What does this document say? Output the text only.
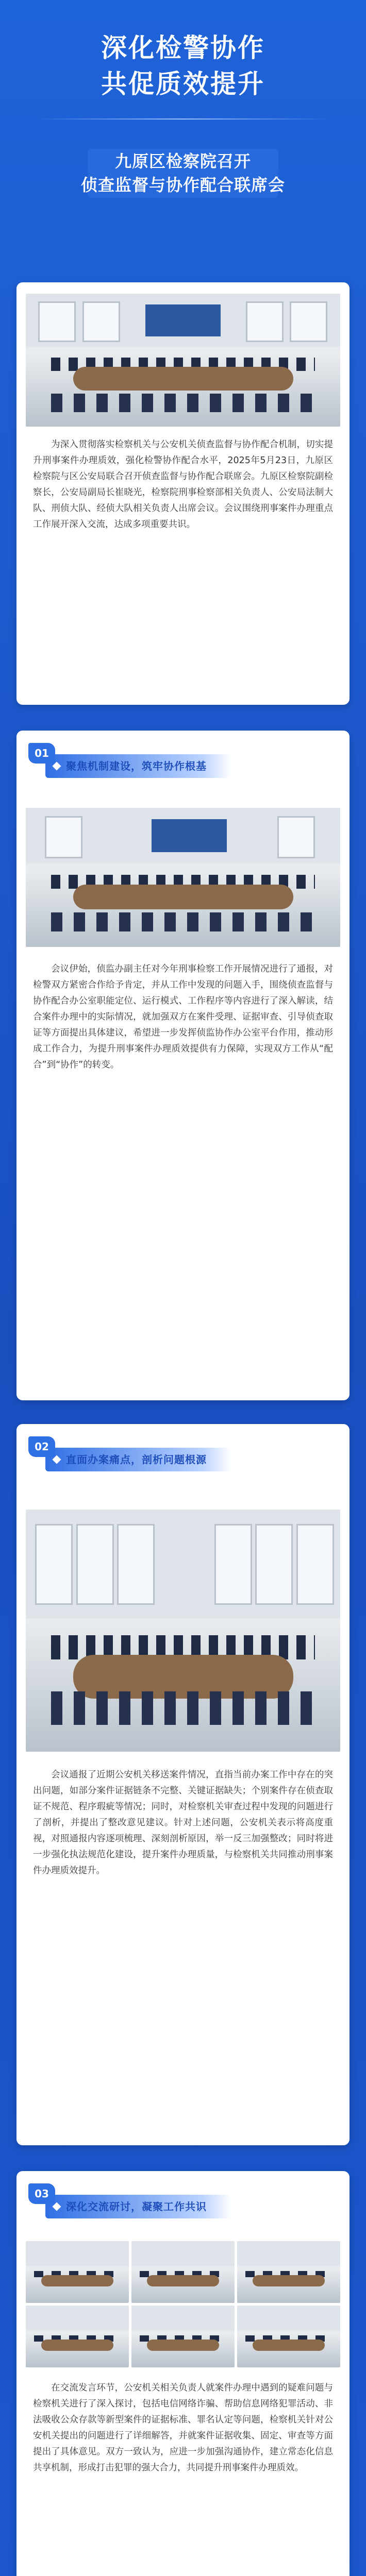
深化检警协作
共促质效提升
九原区检察院召开
侦查监督与协作配合联席会

为深入贯彻落实检察机关与公安机关侦查监督与协作配合机制，切实提升刑事案件办理质效，强化检警协作配合水平，2025年5月23日，九原区检察院与区公安局联合召开侦查监督与协作配合联席会。九原区检察院副检察长，公安局副局长崔晓光，检察院刑事检察部相关负责人、公安局法制大队、刑侦大队、经侦大队相关负责人出席会议。会议围绕刑事案件办理重点工作展开深入交流，达成多项重要共识。

01
聚焦机制建设，筑牢协作根基

会议伊始，侦监办副主任对今年刑事检察工作开展情况进行了通报，对检警双方紧密合作给予肯定，并从工作中发现的问题入手，围绕侦查监督与协作配合办公室职能定位、运行模式、工作程序等内容进行了深入解读，结合案件办理中的实际情况，就加强双方在案件受理、证据审查、引导侦查取证等方面提出具体建议，希望进一步发挥侦监协作办公室平台作用，推动形成工作合力，为提升刑事案件办理质效提供有力保障，实现双方工作从“配合”到“协作”的转变。

02
直面办案痛点，剖析问题根源

会议通报了近期公安机关移送案件情况，直指当前办案工作中存在的突出问题，如部分案件证据链条不完整、关键证据缺失；个别案件存在侦查取证不规范、程序瑕疵等情况；同时，对检察机关审查过程中发现的问题进行了剖析，并提出了整改意见建议。针对上述问题，公安机关表示将高度重视，对照通报内容逐项梳理、深刻剖析原因，举一反三加强整改；同时将进一步强化执法规范化建设，提升案件办理质量，与检察机关共同推动刑事案件办理质效提升。

03
深化交流研讨，凝聚工作共识

在交流发言环节，公安机关相关负责人就案件办理中遇到的疑难问题与检察机关进行了深入探讨，包括电信网络诈骗、帮助信息网络犯罪活动、非法吸收公众存款等新型案件的证据标准、罪名认定等问题，检察机关针对公安机关提出的问题进行了详细解答，并就案件证据收集、固定、审查等方面提出了具体意见。双方一致认为，应进一步加强沟通协作，建立常态化信息共享机制，形成打击犯罪的强大合力，共同提升刑事案件办理质效。
